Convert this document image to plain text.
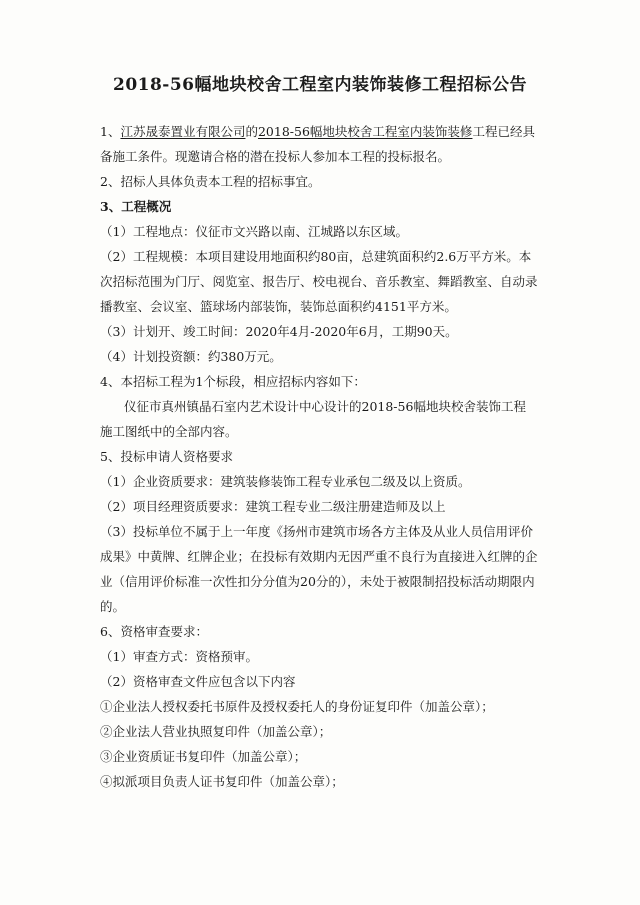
2018-56幅地块校舍工程室内装饰装修工程招标公告
1、江苏晟泰置业有限公司的2018-56幅地块校舍工程室内装饰装修工程已经具
备施工条件。现邀请合格的潜在投标人参加本工程的投标报名。
2、招标人具体负责本工程的招标事宜。
3、工程概况
（1）工程地点：仪征市文兴路以南、江城路以东区域。
（2）工程规模：本项目建设用地面积约80亩，总建筑面积约2.6万平方米。本
次招标范围为门厅、阅览室、报告厅、校电视台、音乐教室、舞蹈教室、自动录
播教室、会议室、篮球场内部装饰，装饰总面积约4151平方米。
（3）计划开、竣工时间：2020年4月-2020年6月，工期90天。
（4）计划投资额：约380万元。
4、本招标工程为1个标段，相应招标内容如下：
仪征市真州镇晶石室内艺术设计中心设计的2018-56幅地块校舍装饰工程
施工图纸中的全部内容。
5、投标申请人资格要求
（1）企业资质要求：建筑装修装饰工程专业承包二级及以上资质。
（2）项目经理资质要求：建筑工程专业二级注册建造师及以上
（3）投标单位不属于上一年度《扬州市建筑市场各方主体及从业人员信用评价
成果》中黄牌、红牌企业；在投标有效期内无因严重不良行为直接进入红牌的企
业（信用评价标准一次性扣分分值为20分的），未处于被限制招投标活动期限内
的。
6、资格审查要求：
（1）审查方式：资格预审。
（2）资格审查文件应包含以下内容
①企业法人授权委托书原件及授权委托人的身份证复印件（加盖公章）；
②企业法人营业执照复印件（加盖公章）；
③企业资质证书复印件（加盖公章）；
④拟派项目负责人证书复印件（加盖公章）；
